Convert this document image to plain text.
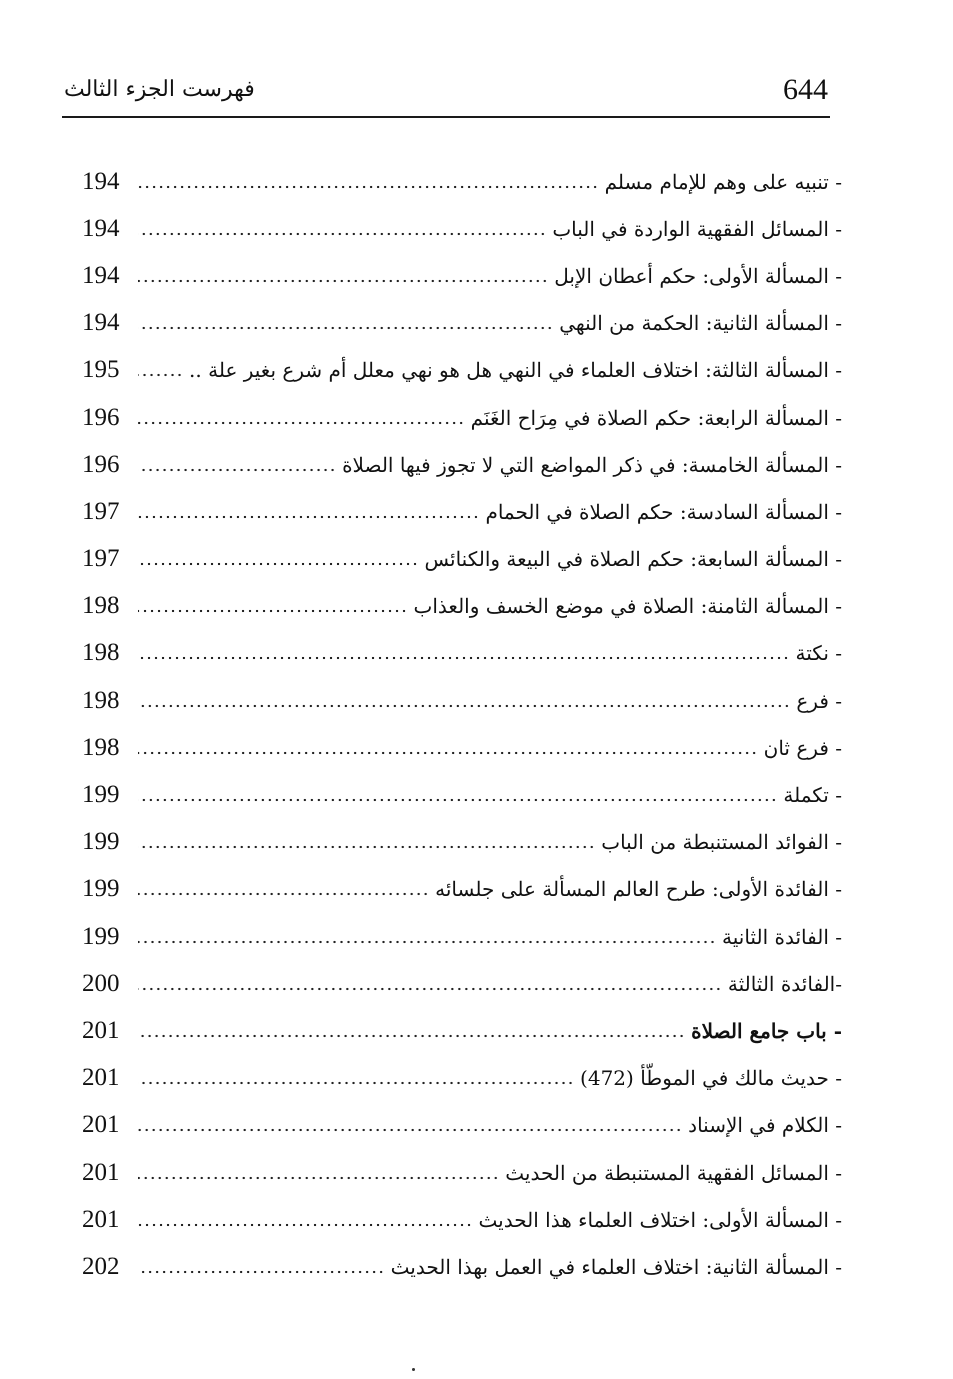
644
فهرست الجزء الثالث
- تنبيه على وهم للإمام مسلم
194
- المسائل الفقهية الواردة في الباب
194
- المسألة الأولى: حكم أعطان الإبل
194
- المسألة الثانية: الحكمة من النهي
194
- المسألة الثالثة: اختلاف العلماء في النهي هل هو نهي معلل أم شرع بغير علة ..
195
- المسألة الرابعة: حكم الصلاة في مِرَاح الغَنَم
196
- المسألة الخامسة: في ذكر المواضع التي لا تجوز فيها الصلاة
196
- المسألة السادسة: حكم الصلاة في الحمام
197
- المسألة السابعة: حكم الصلاة في البيعة والكنائس
197
- المسألة الثامنة: الصلاة في موضع الخسف والعذاب
198
- نكتة
198
- فرع
198
- فرع ثان
198
- تكملة
199
- الفوائد المستنبطة من الباب
199
- الفائدة الأولى: طرح العالم المسألة على جلسائه
199
- الفائدة الثانية
199
-الفائدة الثالثة
200
- باب جامع الصلاة
201
- حديث مالك في الموطّأ (472)
201
- الكلام في الإسناد
201
- المسائل الفقهية المستنبطة من الحديث
201
- المسألة الأولى: اختلاف العلماء هذا الحديث
201
- المسألة الثانية: اختلاف العلماء في العمل بهذا الحديث
202
